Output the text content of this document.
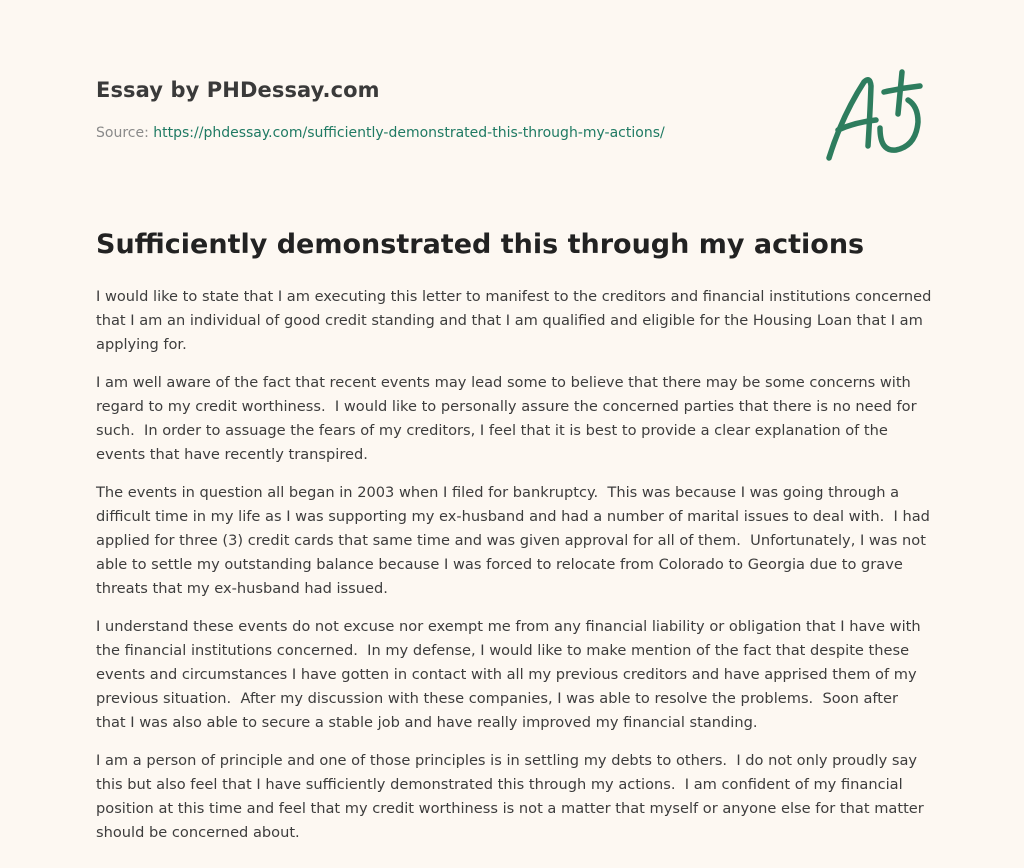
Essay by PHDessay.com
Source: https://phdessay.com/sufficiently-demonstrated-this-through-my-actions/
Sufficiently demonstrated this through my actions

I would like to state that I am executing this letter to manifest to the creditors and financial institutions concerned that I am an individual of good credit standing and that I am qualified and eligible for the Housing Loan that I am applying for.

I am well aware of the fact that recent events may lead some to believe that there may be some concerns with regard to my credit worthiness.  I would like to personally assure the concerned parties that there is no need for such.  In order to assuage the fears of my creditors, I feel that it is best to provide a clear explanation of the events that have recently transpired.

The events in question all began in 2003 when I filed for bankruptcy.  This was because I was going through a difficult time in my life as I was supporting my ex-husband and had a number of marital issues to deal with.  I had applied for three (3) credit cards that same time and was given approval for all of them.  Unfortunately, I was not able to settle my outstanding balance because I was forced to relocate from Colorado to Georgia due to grave threats that my ex-husband had issued.

I understand these events do not excuse nor exempt me from any financial liability or obligation that I have with the financial institutions concerned.  In my defense, I would like to make mention of the fact that despite these events and circumstances I have gotten in contact with all my previous creditors and have apprised them of my previous situation.  After my discussion with these companies, I was able to resolve the problems.  Soon after that I was also able to secure a stable job and have really improved my financial standing.

I am a person of principle and one of those principles is in settling my debts to others.  I do not only proudly say this but also feel that I have sufficiently demonstrated this through my actions.  I am confident of my financial position at this time and feel that my credit worthiness is not a matter that myself or anyone else for that matter should be concerned about.
